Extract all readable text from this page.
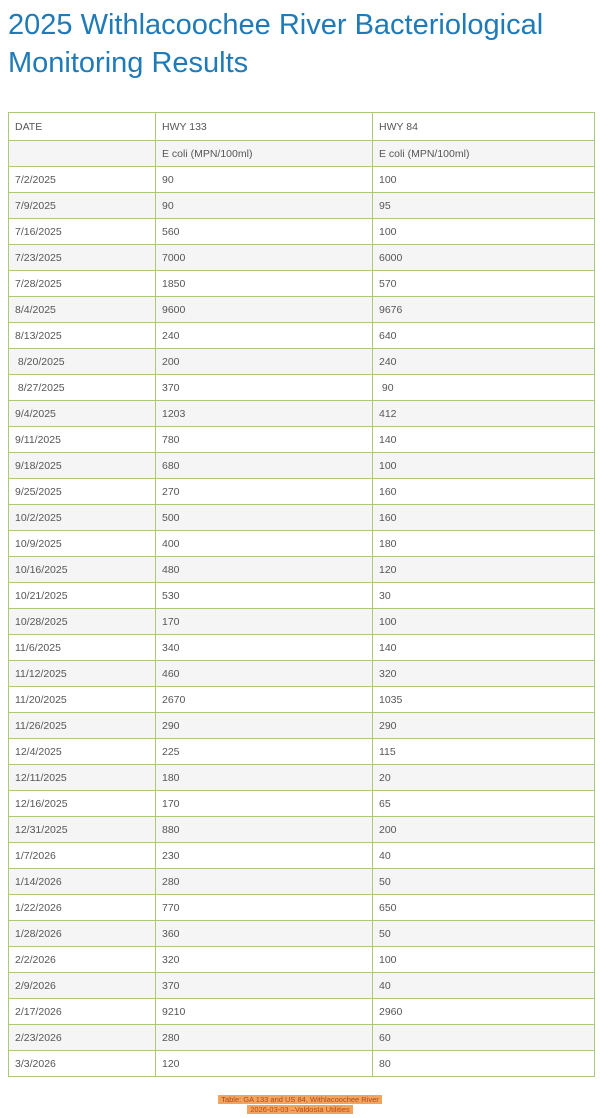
2025 Withlacoochee River Bacteriological
Monitoring Results
DATE	HWY 133	HWY 84
	E coli (MPN/100ml)	E coli (MPN/100ml)
7/2/2025	90	100
7/9/2025	90	95
7/16/2025	560	100
7/23/2025	7000	6000
7/28/2025	1850	570
8/4/2025	9600	9676
8/13/2025	240	640
8/20/2025	200	240
8/27/2025	370	90
9/4/2025	1203	412
9/11/2025	780	140
9/18/2025	680	100
9/25/2025	270	160
10/2/2025	500	160
10/9/2025	400	180
10/16/2025	480	120
10/21/2025	530	30
10/28/2025	170	100
11/6/2025	340	140
11/12/2025	460	320
11/20/2025	2670	1035
11/26/2025	290	290
12/4/2025	225	115
12/11/2025	180	20
12/16/2025	170	65
12/31/2025	880	200
1/7/2026	230	40
1/14/2026	280	50
1/22/2026	770	650
1/28/2026	360	50
2/2/2026	320	100
2/9/2026	370	40
2/17/2026	9210	2960
2/23/2026	280	60
3/3/2026	120	80
Table: GA 133 and US 84, Withlacoochee River
2026-03-03 –Valdosta Utilities
